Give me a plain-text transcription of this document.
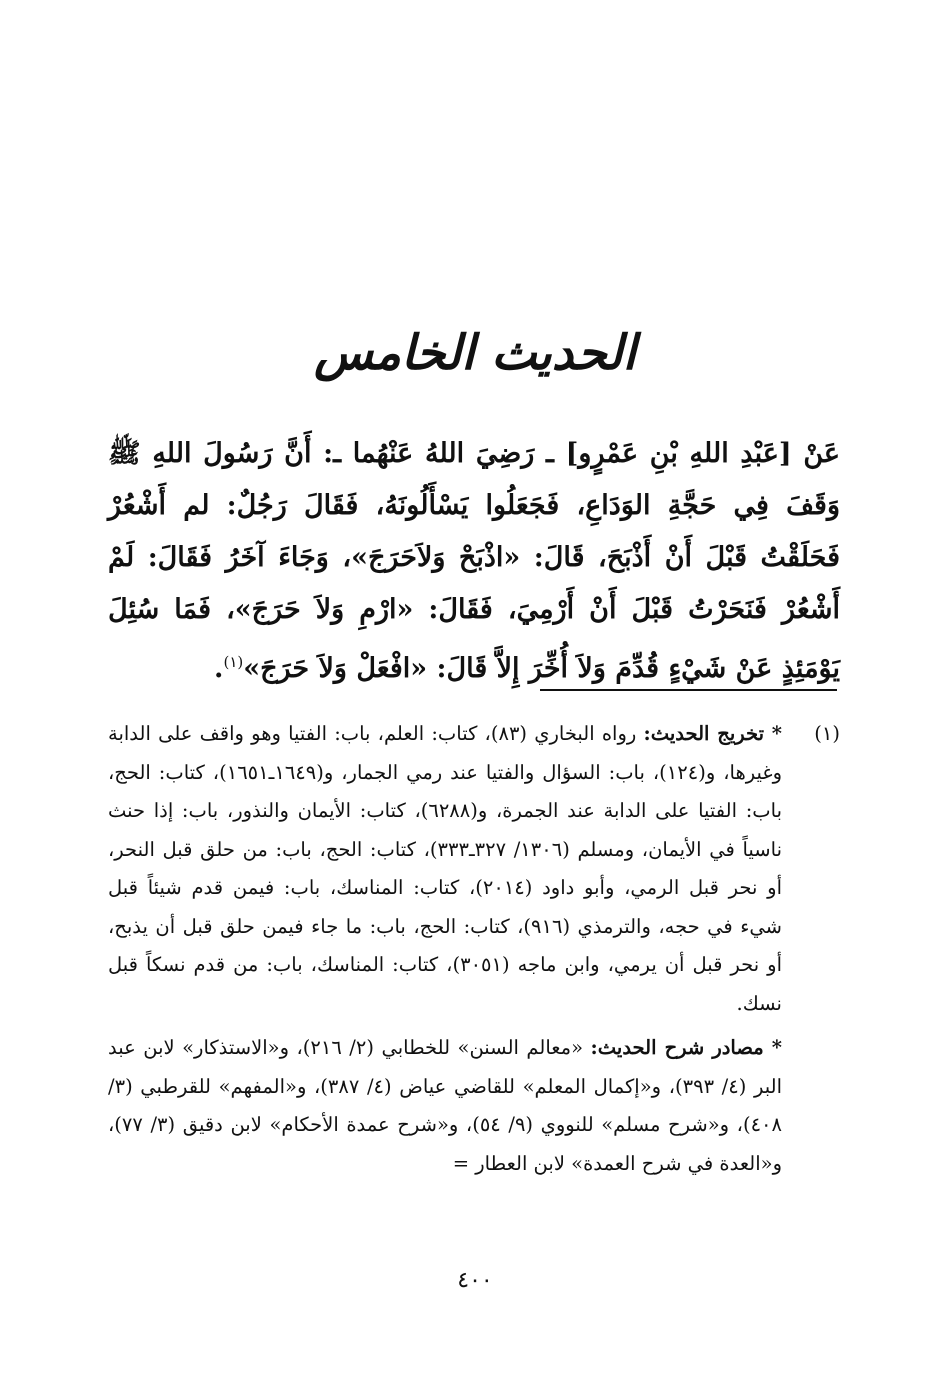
الحديث الخامس
عَنْ [عَبْدِ اللهِ بْنِ عَمْرٍو] ـ رَضِيَ اللهُ عَنْهُما ـ: أَنَّ رَسُولَ اللهِ ﷺ وَقَفَ فِي حَجَّةِ الوَدَاعِ، فَجَعَلُوا يَسْأَلُونَهُ، فَقَالَ رَجُلٌ: لم أَشْعُرْ فَحَلَقْتُ قَبْلَ أَنْ أَذْبَحَ، قَالَ: «اذْبَحْ وَلاَحَرَجَ»، وَجَاءَ آخَرُ فَقَالَ: لَمْ أَشْعُرْ فَنَحَرْتُ قَبْلَ أَنْ أَرْمِيَ، فَقَالَ: «ارْمِ وَلاَ حَرَجَ»، فَمَا سُئِلَ يَوْمَئِذٍ عَنْ شَيْءٍ قُدِّمَ وَلاَ أُخِّرَ إِلاَّ قَالَ: «افْعَلْ وَلاَ حَرَجَ»$^{(١)}$.
(١)
* تخريج الحديث: رواه البخاري (٨٣)، كتاب: العلم، باب: الفتيا وهو واقف على الدابة وغيرها، و(١٢٤)، باب: السؤال والفتيا عند رمي الجمار، و(١٦٤٩ـ١٦٥١)، كتاب: الحج، باب: الفتيا على الدابة عند الجمرة، و(٦٢٨٨)، كتاب: الأيمان والنذور، باب: إذا حنث ناسياً في الأيمان، ومسلم (١٣٠٦/ ٣٢٧ـ٣٣٣)، كتاب: الحج، باب: من حلق قبل النحر، أو نحر قبل الرمي، وأبو داود (٢٠١٤)، كتاب: المناسك، باب: فيمن قدم شيئاً قبل شيء في حجه، والترمذي (٩١٦)، كتاب: الحج، باب: ما جاء فيمن حلق قبل أن يذبح، أو نحر قبل أن يرمي، وابن ماجه (٣٠٥١)، كتاب: المناسك، باب: من قدم نسكاً قبل نسك.
* مصادر شرح الحديث: «معالم السنن» للخطابي (٢/ ٢١٦)، و«الاستذكار» لابن عبد البر (٤/ ٣٩٣)، و«إكمال المعلم» للقاضي عياض (٤/ ٣٨٧)، و«المفهم» للقرطبي (٣/ ٤٠٨)، و«شرح مسلم» للنووي (٩/ ٥٤)، و«شرح عمدة الأحكام» لابن دقيق (٣/ ٧٧)، و«العدة في شرح العمدة» لابن العطار =
٤٠٠
